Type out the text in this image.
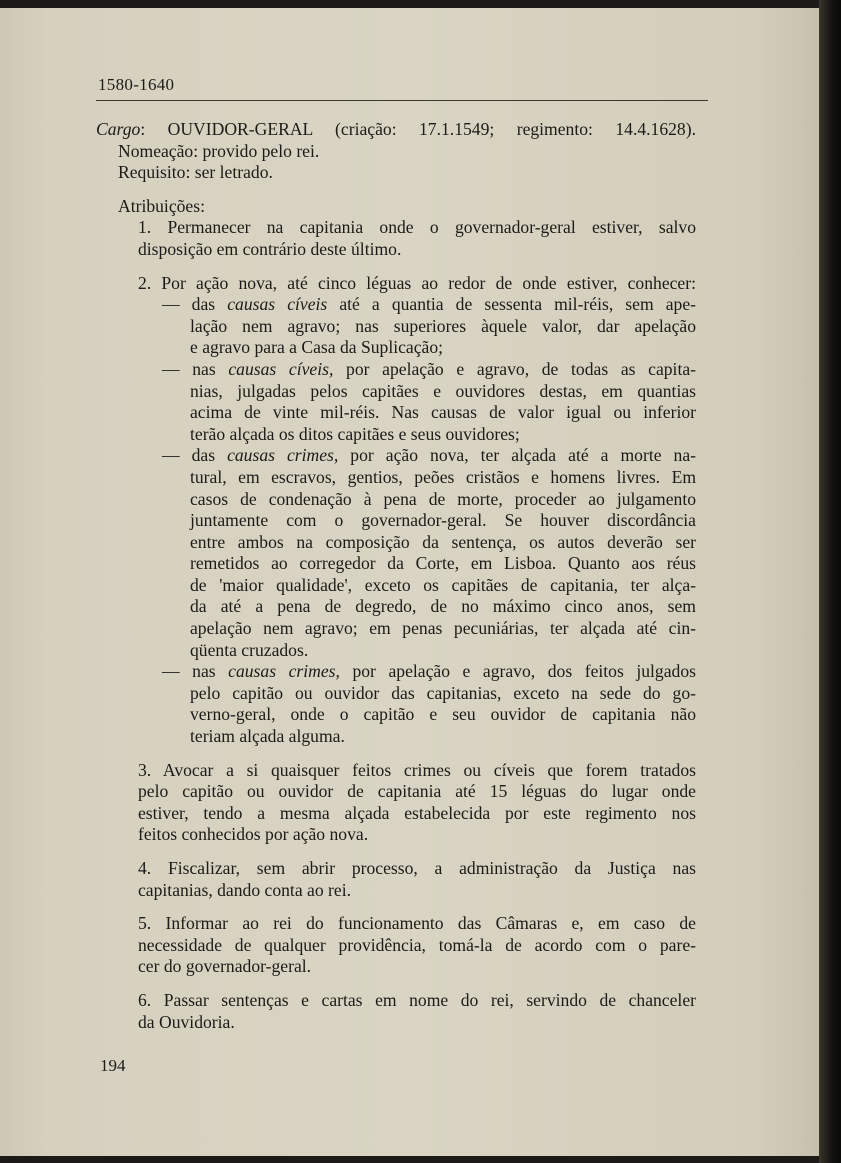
1580-1640
Cargo: OUVIDOR-GERAL (criação: 17.1.1549; regimento: 14.4.1628).
Nomeação: provido pelo rei.
Requisito: ser letrado.
Atribuições:
1. Permanecer na capitania onde o governador-geral estiver, salvo
disposição em contrário deste último.
2. Por ação nova, até cinco léguas ao redor de onde estiver, conhecer:
— das causas cíveis até a quantia de sessenta mil-réis, sem ape-
lação nem agravo; nas superiores àquele valor, dar apelação
e agravo para a Casa da Suplicação;
— nas causas cíveis, por apelação e agravo, de todas as capita-
nias, julgadas pelos capitães e ouvidores destas, em quantias
acima de vinte mil-réis. Nas causas de valor igual ou inferior
terão alçada os ditos capitães e seus ouvidores;
— das causas crimes, por ação nova, ter alçada até a morte na-
tural, em escravos, gentios, peões cristãos e homens livres. Em
casos de condenação à pena de morte, proceder ao julgamento
juntamente com o governador-geral. Se houver discordância
entre ambos na composição da sentença, os autos deverão ser
remetidos ao corregedor da Corte, em Lisboa. Quanto aos réus
de 'maior qualidade', exceto os capitães de capitania, ter alça-
da até a pena de degredo, de no máximo cinco anos, sem
apelação nem agravo; em penas pecuniárias, ter alçada até cin-
qüenta cruzados.
— nas causas crimes, por apelação e agravo, dos feitos julgados
pelo capitão ou ouvidor das capitanias, exceto na sede do go-
verno-geral, onde o capitão e seu ouvidor de capitania não
teriam alçada alguma.
3. Avocar a si quaisquer feitos crimes ou cíveis que forem tratados
pelo capitão ou ouvidor de capitania até 15 léguas do lugar onde
estiver, tendo a mesma alçada estabelecida por este regimento nos
feitos conhecidos por ação nova.
4. Fiscalizar, sem abrir processo, a administração da Justiça nas
capitanias, dando conta ao rei.
5. Informar ao rei do funcionamento das Câmaras e, em caso de
necessidade de qualquer providência, tomá-la de acordo com o pare-
cer do governador-geral.
6. Passar sentenças e cartas em nome do rei, servindo de chanceler
da Ouvidoria.
194
